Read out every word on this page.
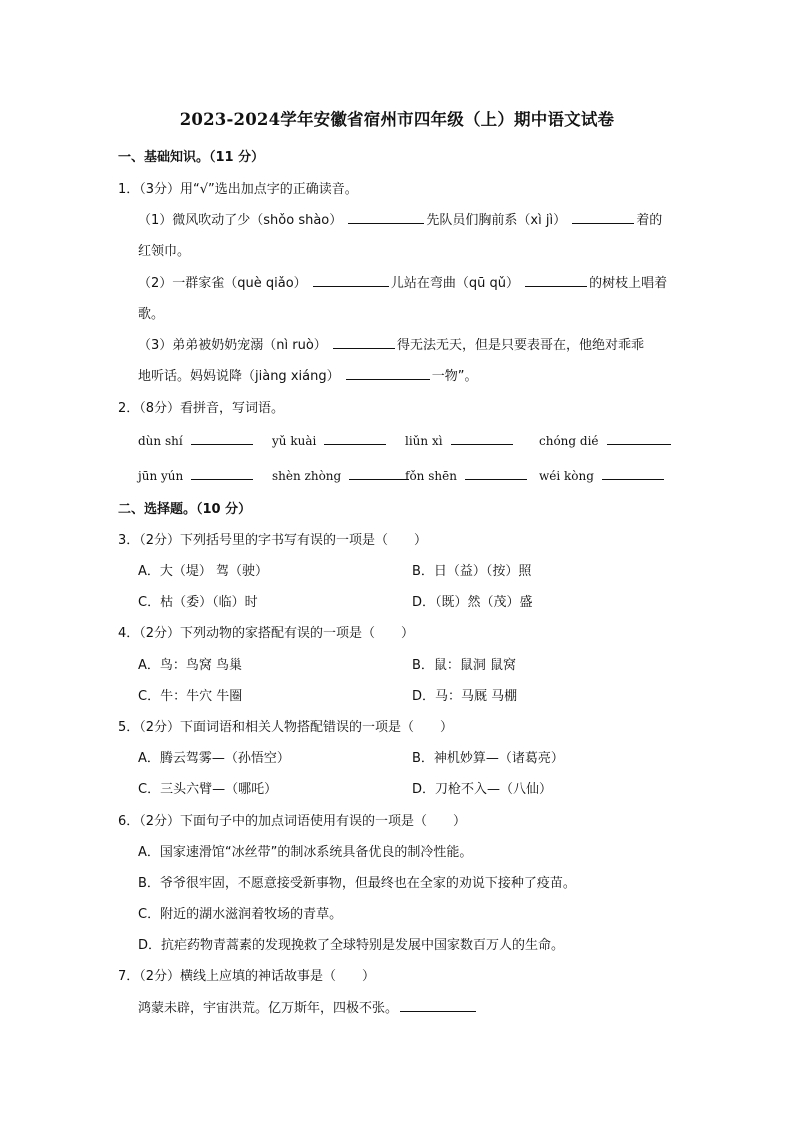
2023-2024学年安徽省宿州市四年级（上）期中语文试卷
一、基础知识。（11 分）
1．（3分）用“√”选出加点字的正确读音。
（1）微风吹动了少（shǒo shào）	先队员们胸前系（xì jì）	着的
红领巾。
（2）一群家雀（què qiǎo）	儿站在弯曲（qū qǔ）	的树枝上唱着
歌。
（3）弟弟被奶奶宠溺（nì ruò）	得无法无天，但是只要表哥在，他绝对乖乖
地听话。妈妈说降（jiàng xiáng）	一物”。
2．（8分）看拼音，写词语。
dùn shí	yǔ kuài	liǔn xì	chóng dié
jūn yún	shèn zhòng	fǒn shēn	wéi kòng
二、选择题。（10 分）
3．（2分）下列括号里的字书写有误的一项是（　　）
A．大（堤） 驾（驶）	B．日（益）（按）照
C．枯（委）（临）时	D．（既）然（茂）盛
4．（2分）下列动物的家搭配有误的一项是（　　）
A．鸟：鸟窝 鸟巢	B．鼠：鼠洞 鼠窝
C．牛：牛穴 牛圈	D．马：马厩 马棚
5．（2分）下面词语和相关人物搭配错误的一项是（　　）
A．腾云驾雾—（孙悟空）	B．神机妙算—（诸葛亮）
C．三头六臂—（哪吒）	D．刀枪不入—（八仙）
6．（2分）下面句子中的加点词语使用有误的一项是（　　）
A．国家速滑馆“冰丝带”的制冰系统具备优良的制冷性能。
B．爷爷很牢固，不愿意接受新事物，但最终也在全家的劝说下接种了疫苗。
C．附近的湖水滋润着牧场的青草。
D．抗疟药物青蒿素的发现挽救了全球特别是发展中国家数百万人的生命。
7．（2分）横线上应填的神话故事是（　　）
鸿蒙未辟，宇宙洪荒。亿万斯年，四极不张。
